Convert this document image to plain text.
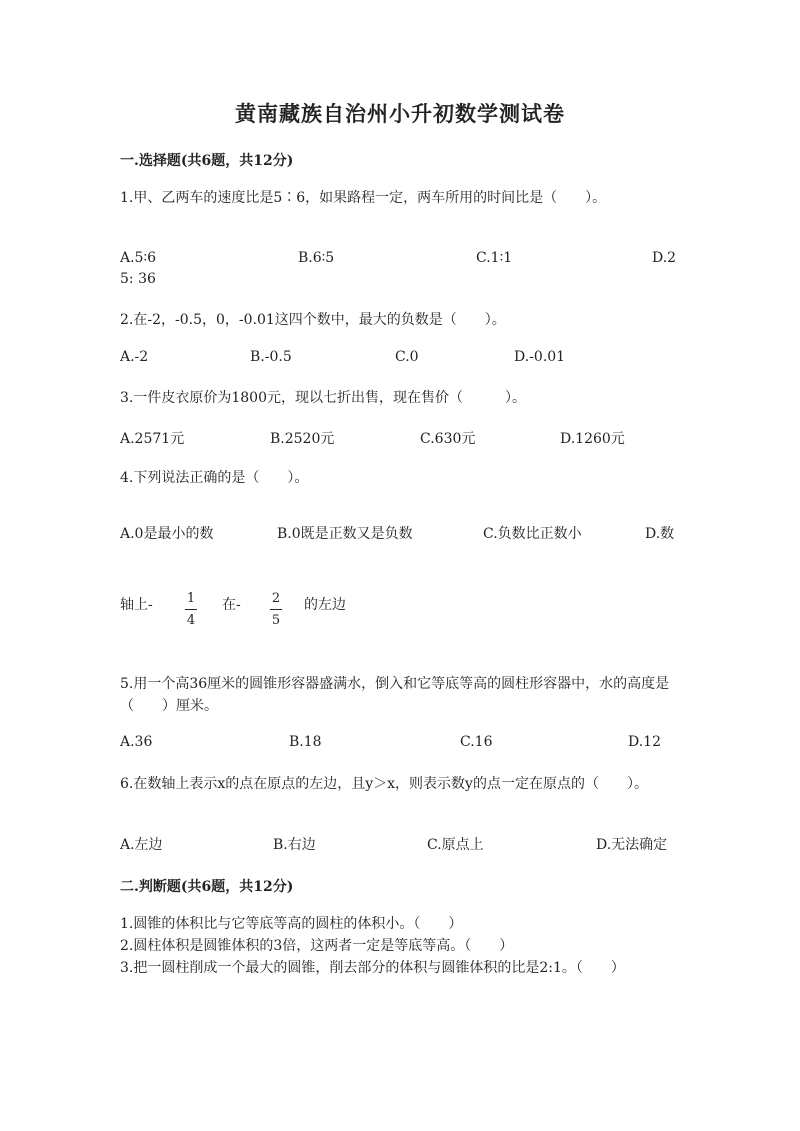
黄南藏族自治州小升初数学测试卷
一.选择题(共6题，共12分)
1.甲、乙两车的速度比是5∶6，如果路程一定，两车所用的时间比是（　　）。
A.5∶6	B.6∶5	C.1∶1	D.2
5: 36
2.在-2，-0.5，0，-0.01这四个数中，最大的负数是（　　）。
A.-2	B.-0.5	C.0	D.-0.01
3.一件皮衣原价为1800元，现以七折出售，现在售价（　　　）。
A.2571元	B.2520元	C.630元	D.1260元
4.下列说法正确的是（　　）。
A.0是最小的数	B.0既是正数又是负数	C.负数比正数小	D.数
轴上-	1
4
在- 2
5
的左边
5.用一个高36厘米的圆锥形容器盛满水，倒入和它等底等高的圆柱形容器中，水的高度是（　　）厘米。
A.36	B.18	C.16	D.12
6.在数轴上表示x的点在原点的左边，且y＞x，则表示数y的点一定在原点的（　　）。
A.左边	B.右边	C.原点上	D.无法确定
二.判断题(共6题，共12分)
1.圆锥的体积比与它等底等高的圆柱的体积小。（　　）
2.圆柱体积是圆锥体积的3倍，这两者一定是等底等高。（　　）
3.把一圆柱削成一个最大的圆锥，削去部分的体积与圆锥体积的比是2:1。（　　）
